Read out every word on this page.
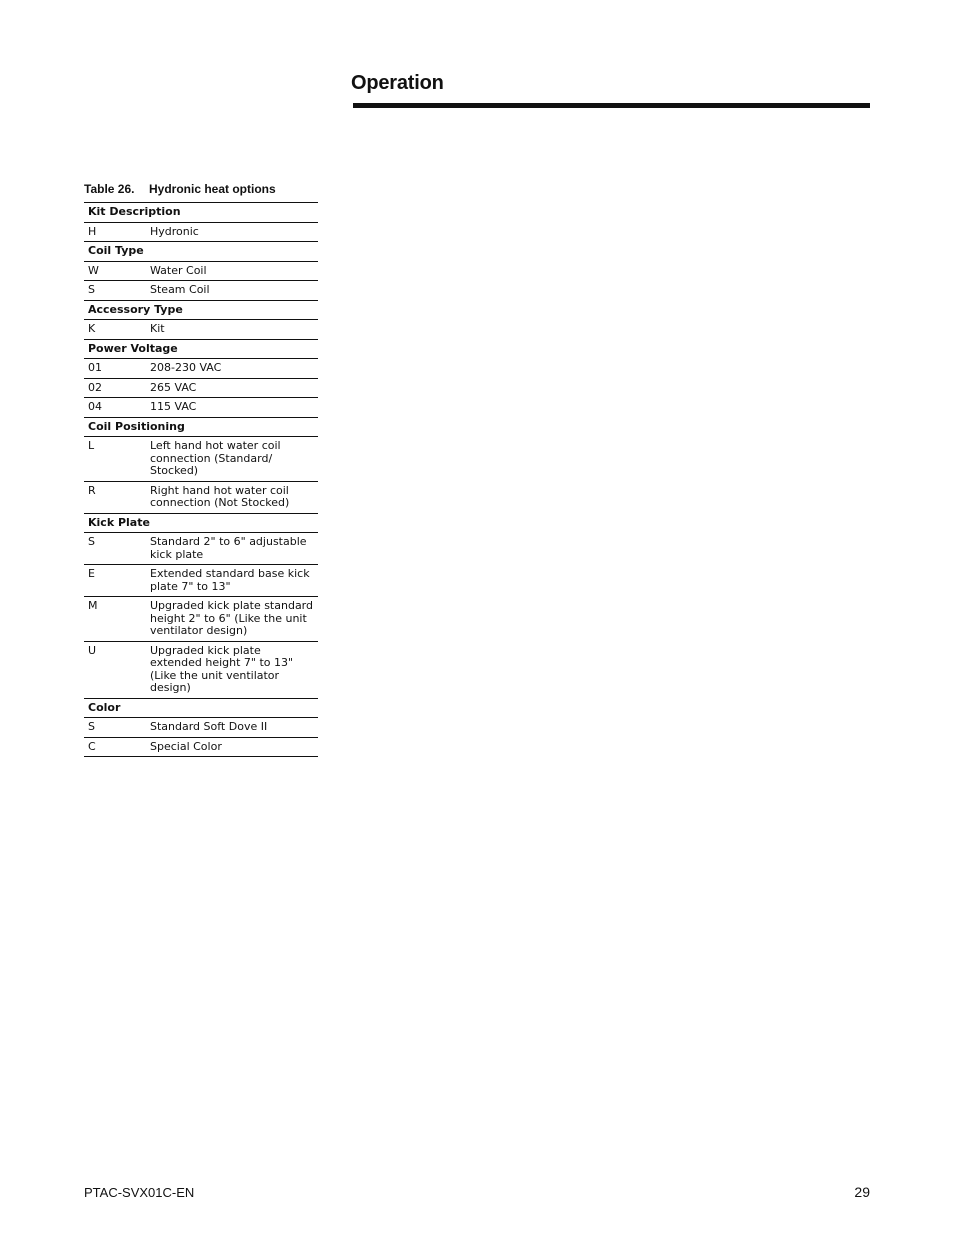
Operation
Table 26. Hydronic heat options
Kit Description	
H	Hydronic
Coil Type	
W	Water Coil
S	Steam Coil
Accessory Type	
K	Kit
Power Voltage	
01	208-230 VAC
02	265 VAC
04	115 VAC
Coil Positioning	
L	Left hand hot water coil connection (Standard/ Stocked)
R	Right hand hot water coil connection (Not Stocked)
Kick Plate	
S	Standard 2" to 6" adjustable kick plate
E	Extended standard base kick plate 7" to 13"
M	Upgraded kick plate standard height 2" to 6" (Like the unit ventilator design)
U	Upgraded kick plate extended height 7" to 13" (Like the unit ventilator design)
Color	
S	Standard Soft Dove II
C	Special Color
PTAC-SVX01C-EN	29
